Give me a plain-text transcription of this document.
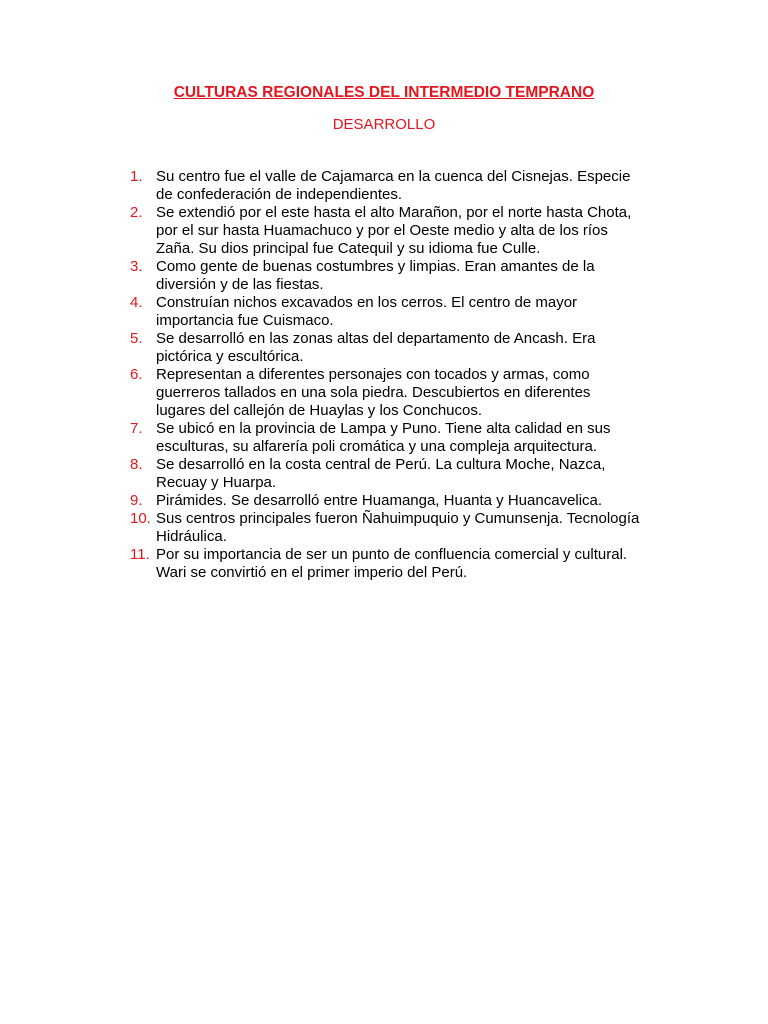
CULTURAS REGIONALES DEL INTERMEDIO TEMPRANO
DESARROLLO
1. Su centro fue el valle de Cajamarca en la cuenca del Cisnejas. Especie
de confederación de independientes.
2. Se extendió por el este hasta el alto Marañon, por el norte hasta Chota,
por el sur hasta Huamachuco y por el Oeste medio y alta de los ríos
Zaña. Su dios principal fue Catequil y su idioma fue Culle.
3. Como gente de buenas costumbres y limpias. Eran amantes de la
diversión y de las fiestas.
4. Construían nichos excavados en los cerros. El centro de mayor
importancia fue Cuismaco.
5. Se desarrolló en las zonas altas del departamento de Ancash. Era
pictórica y escultórica.
6. Representan a diferentes personajes con tocados y armas, como
guerreros tallados en una sola piedra. Descubiertos en diferentes
lugares del callejón de Huaylas y los Conchucos.
7. Se ubicó en la provincia de Lampa y Puno. Tiene alta calidad en sus
esculturas, su alfarería poli cromática y una compleja arquitectura.
8. Se desarrolló en la costa central de Perú. La cultura Moche, Nazca,
Recuay y Huarpa.
9. Pirámides. Se desarrolló entre Huamanga, Huanta y Huancavelica.
10. Sus centros principales fueron Ñahuimpuquio y Cumunsenja. Tecnología
Hidráulica.
11. Por su importancia de ser un punto de confluencia comercial y cultural.
Wari se convirtió en el primer imperio del Perú.
